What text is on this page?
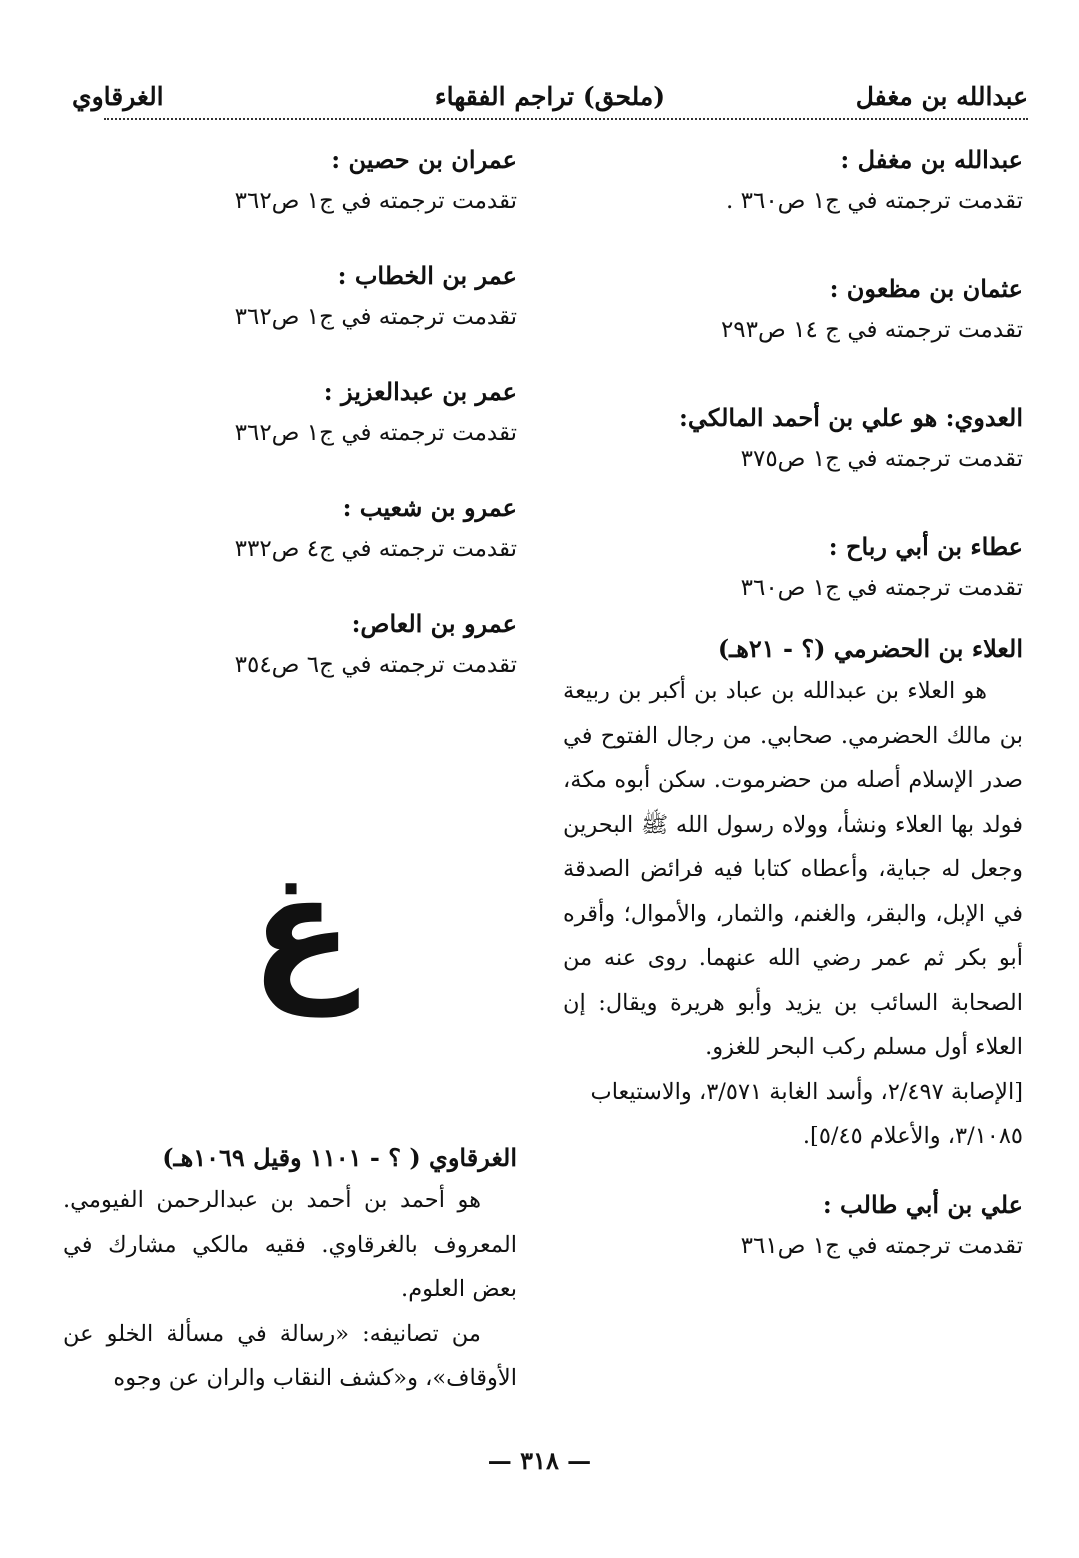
عبدالله بن مغفل
(ملحق) تراجم الفقهاء
الغرقاوي
عبدالله بن مغفل :
تقدمت ترجمته في ج١ ص٣٦٠ .
عثمان بن مظعون :
تقدمت ترجمته في ج ١٤ ص٢٩٣
العدوي: هو علي بن أحمد المالكي:
تقدمت ترجمته في ج١ ص٣٧٥
عطاء بن أبي رباح :
تقدمت ترجمته في ج١ ص٣٦٠
العلاء بن الحضرمي (؟ - ٢١هـ)

هو العلاء بن عبدالله بن عباد بن أكبر بن ربيعة بن مالك الحضرمي. صحابي. من رجال الفتوح في صدر الإسلام أصله من حضرموت. سكن أبوه مكة، فولد بها العلاء ونشأ، وولاه رسول الله ﷺ البحرين وجعل له جباية، وأعطاه كتابا فيه فرائض الصدقة في الإبل، والبقر، والغنم، والثمار، والأموال؛ وأقره أبو بكر ثم عمر رضي الله عنهما. روى عنه من الصحابة السائب بن يزيد وأبو هريرة ويقال: إن العلاء أول مسلم ركب البحر للغزو.

[الإصابة ٢/٤٩٧، وأسد الغابة ٣/٥٧١، والاستيعاب ٣/١٠٨٥، والأعلام ٥/٤٥].
علي بن أبي طالب :
تقدمت ترجمته في ج١ ص٣٦١
عمران بن حصين :
تقدمت ترجمته في ج١ ص٣٦٢
عمر بن الخطاب :
تقدمت ترجمته في ج١ ص٣٦٢
عمر بن عبدالعزيز :
تقدمت ترجمته في ج١ ص٣٦٢
عمرو بن شعيب :
تقدمت ترجمته في ج٤ ص٣٣٢
عمرو بن العاص:
تقدمت ترجمته في ج٦ ص٣٥٤
غ
الغرقاوي ( ؟ - ١١٠١ وقيل ١٠٦٩هـ)

هو أحمد بن أحمد بن عبدالرحمن الفيومي. المعروف بالغرقاوي. فقيه مالكي مشارك في بعض العلوم.

من تصانيفه: «رسالة في مسألة الخلو عن الأوقاف»، و«كشف النقاب والران عن وجوه

— ٣١٨ —
